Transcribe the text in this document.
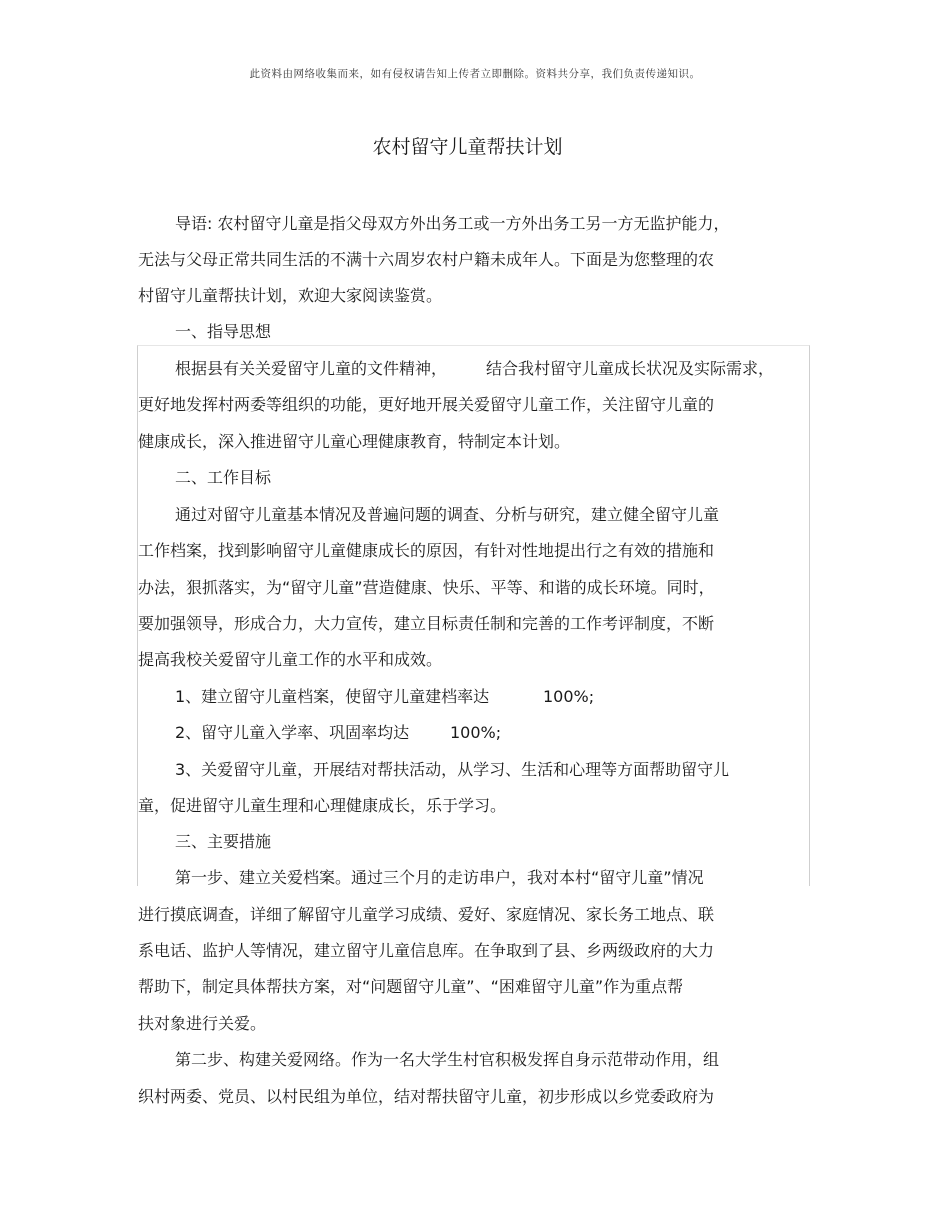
此资料由网络收集而来，如有侵权请告知上传者立即删除。资料共分享，我们负责传递知识。
农村留守儿童帮扶计划
导语: 农村留守儿童是指父母双方外出务工或一方外出务工另一方无监护能力，
无法与父母正常共同生活的不满十六周岁农村户籍未成年人。下面是为您整理的农
村留守儿童帮扶计划，欢迎大家阅读鉴赏。
一、指导思想
根据县有关关爱留守儿童的文件精神， 结合我村留守儿童成长状况及实际需求，
更好地发挥村两委等组织的功能，更好地开展关爱留守儿童工作，关注留守儿童的
健康成长，深入推进留守儿童心理健康教育，特制定本计划。
二、工作目标
通过对留守儿童基本情况及普遍问题的调查、分析与研究，建立健全留守儿童
工作档案，找到影响留守儿童健康成长的原因，有针对性地提出行之有效的措施和
办法，狠抓落实，为“留守儿童”营造健康、快乐、平等、和谐的成长环境。同时，
要加强领导，形成合力，大力宣传，建立目标责任制和完善的工作考评制度，不断
提高我校关爱留守儿童工作的水平和成效。
1、建立留守儿童档案，使留守儿童建档率达	100%;
2、留守儿童入学率、巩固率均达	100%;
3、关爱留守儿童，开展结对帮扶活动，从学习、生活和心理等方面帮助留守儿
童，促进留守儿童生理和心理健康成长，乐于学习。
三、主要措施
第一步、建立关爱档案。通过三个月的走访串户，我对本村“留守儿童”情况
进行摸底调查，详细了解留守儿童学习成绩、爱好、家庭情况、家长务工地点、联
系电话、监护人等情况，建立留守儿童信息库。在争取到了县、乡两级政府的大力
帮助下，制定具体帮扶方案，对“问题留守儿童”、“困难留守儿童”作为重点帮
扶对象进行关爱。
第二步、构建关爱网络。作为一名大学生村官积极发挥自身示范带动作用，组
织村两委、党员、以村民组为单位，结对帮扶留守儿童，初步形成以乡党委政府为
